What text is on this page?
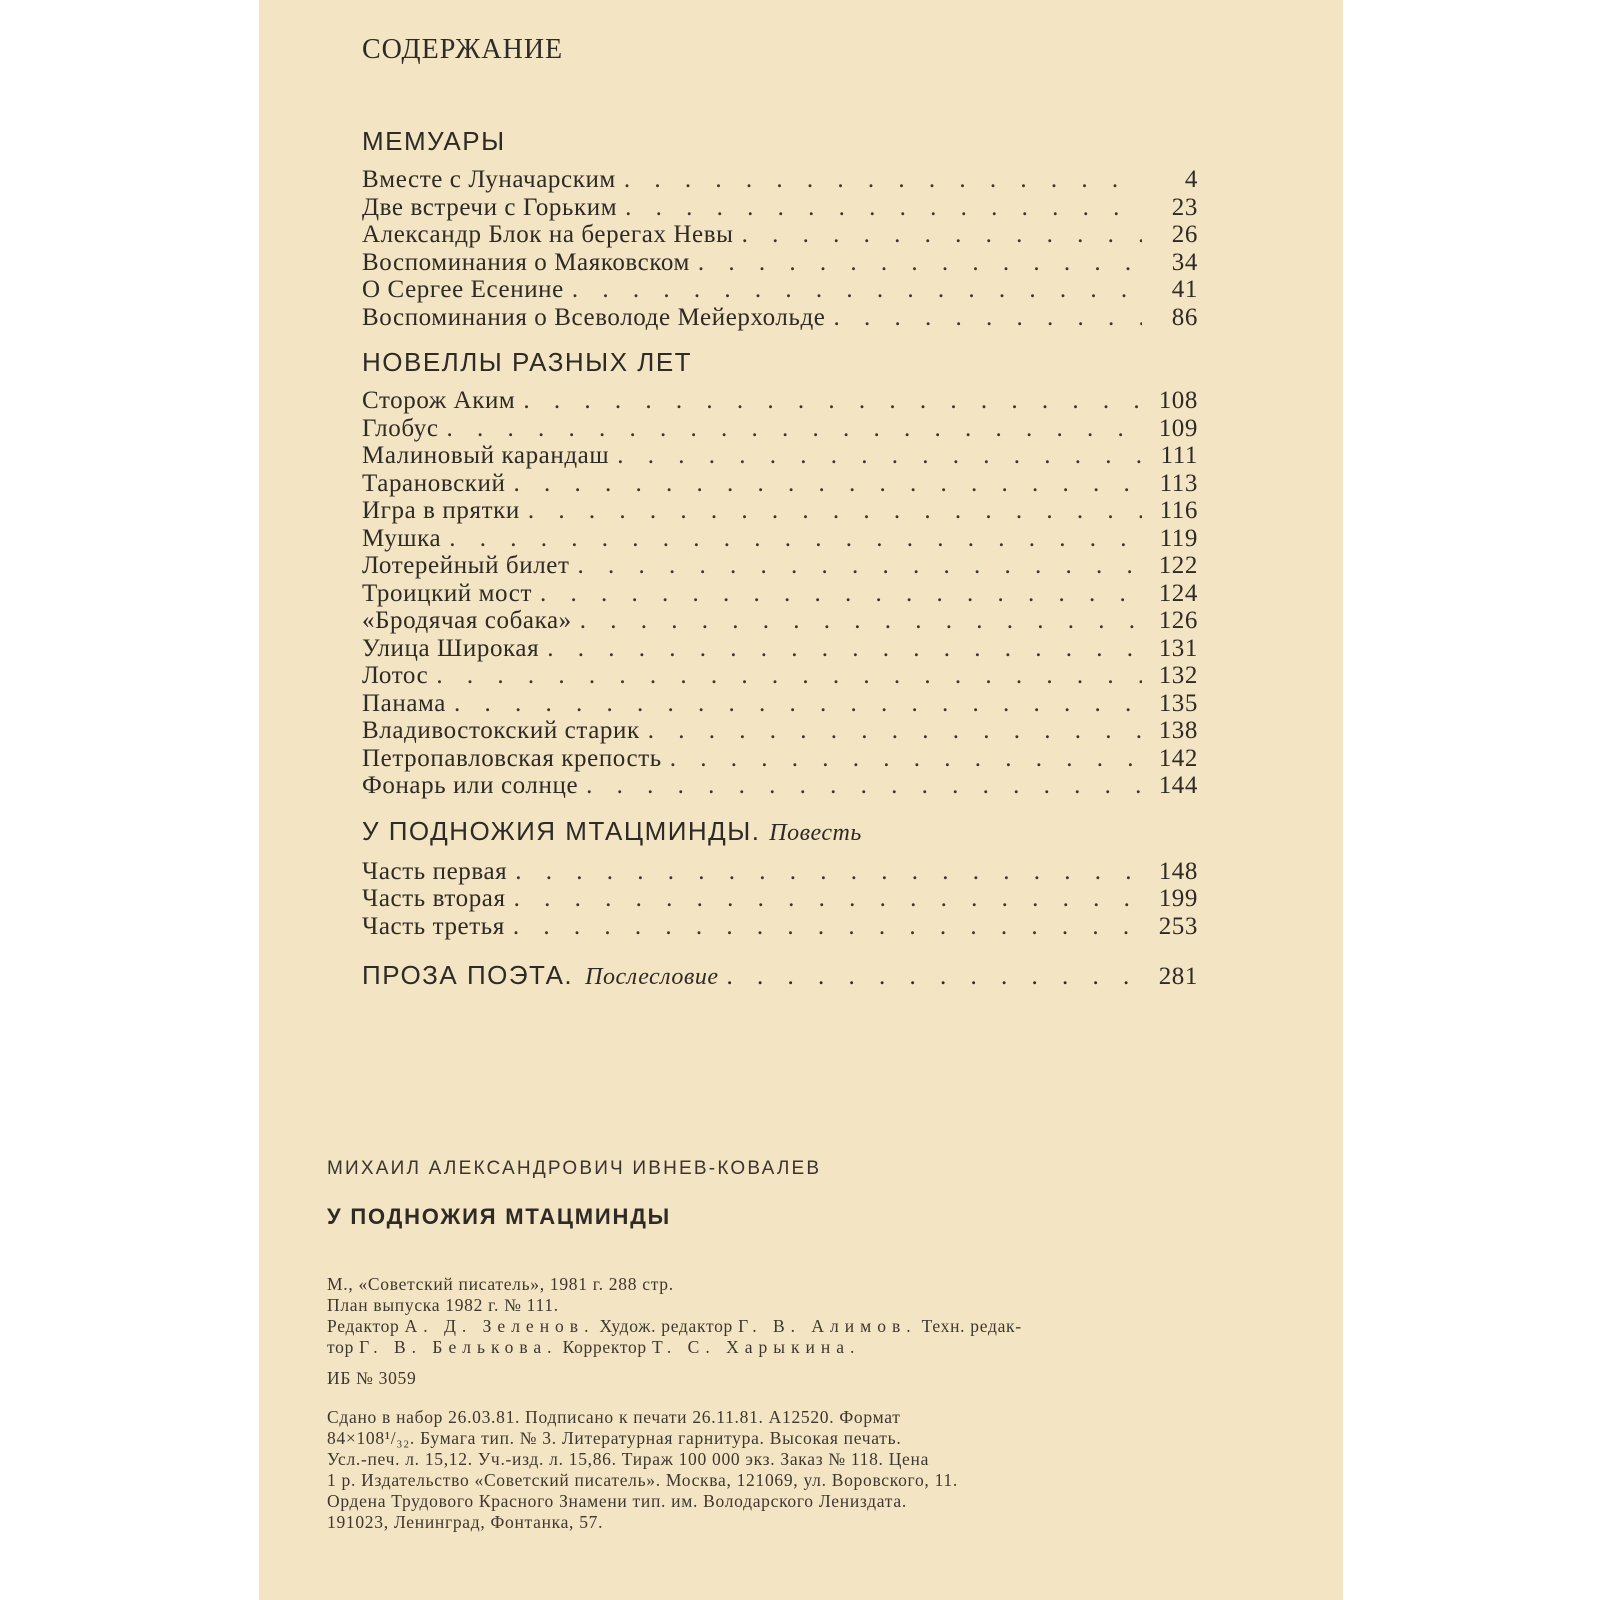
СОДЕРЖАНИЕ
МЕМУАРЫ
Вместе с Луначарским . . .	4
Две встречи с Горьким . . .	23
Александр Блок на берегах Невы . . .	26
Воспоминания о Маяковском . . .	34
О Сергее Есенине . . .	41
Воспоминания о Всеволоде Мейерхольде . . .	86
НОВЕЛЛЫ РАЗНЫХ ЛЕТ
Сторож Аким . . .	108
Глобус . . .	109
Малиновый карандаш . . .	111
Тарановский . . .	113
Игра в прятки . . .	116
Мушка . . .	119
Лотерейный билет . . .	122
Троицкий мост . . .	124
«Бродячая собака» . . .	126
Улица Широкая . . .	131
Лотос . . .	132
Панама . . .	135
Владивостокский старик . . .	138
Петропавловская крепость . . .	142
Фонарь или солнце . . .	144
У ПОДНОЖИЯ МТАЦМИНДЫ. Повесть
Часть первая . . .	148
Часть вторая . . .	199
Часть третья . . .	253
ПРОЗА ПОЭТА. Послесловие . . .	281
МИХАИЛ АЛЕКСАНДРОВИЧ ИВНЕВ-КОВАЛЕВ
У ПОДНОЖИЯ МТАЦМИНДЫ

М., «Советский писатель», 1981 г. 288 стр.

План выпуска 1982 г. № 111.

Редактор А. Д. Зеленов. Худож. редактор Г. В. Алимов. Техн. редак-

тор Г. В. Белькова. Корректор Т. С. Харыкина.

ИБ № 3059

Сдано в набор 26.03.81. Подписано к печати 26.11.81. А12520. Формат

84×108¹/₃₂. Бумага тип. № 3. Литературная гарнитура. Высокая печать.

Усл.-печ. л. 15,12. Уч.-изд. л. 15,86. Тираж 100 000 экз. Заказ № 118. Цена

1 р. Издательство «Советский писатель». Москва, 121069, ул. Воровского, 11.

Ордена Трудового Красного Знамени тип. им. Володарского Лениздата.

191023, Ленинград, Фонтанка, 57.
